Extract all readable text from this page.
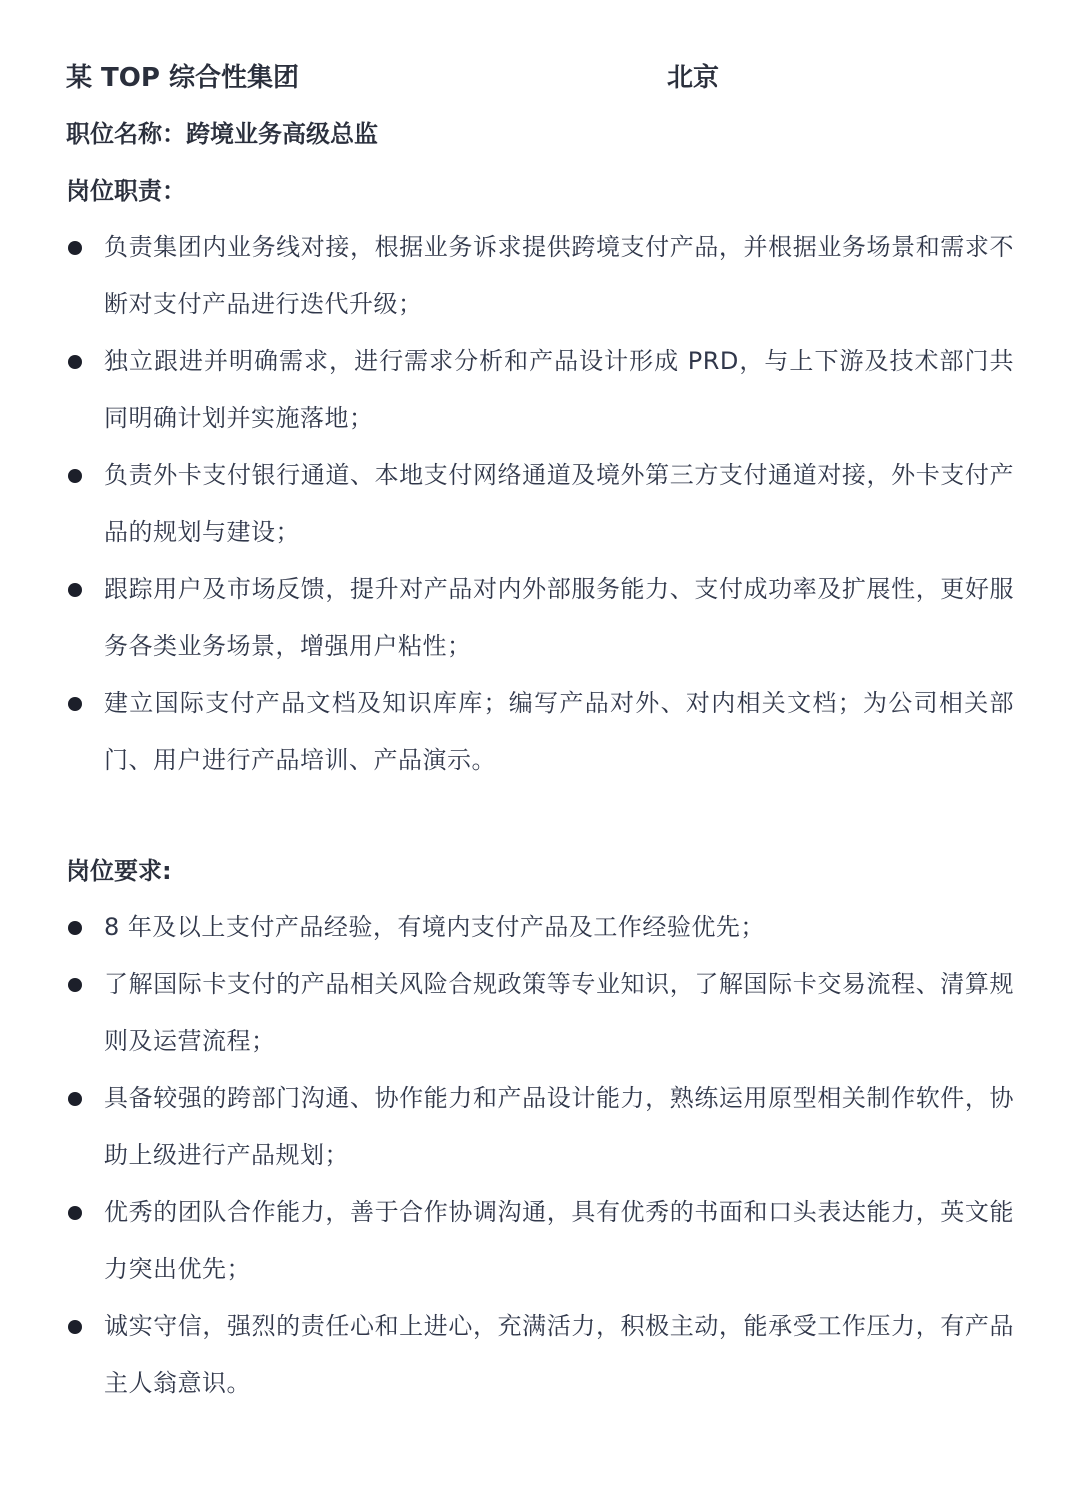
某 TOP 综合性集团	北京
职位名称：跨境业务高级总监
岗位职责：
负责集团内业务线对接，根据业务诉求提供跨境支付产品，并根据业务场景和需求不断对支付产品进行迭代升级；
独立跟进并明确需求，进行需求分析和产品设计形成 PRD，与上下游及技术部门共同明确计划并实施落地；
负责外卡支付银行通道、本地支付网络通道及境外第三方支付通道对接，外卡支付产品的规划与建设；
跟踪用户及市场反馈，提升对产品对内外部服务能力、支付成功率及扩展性，更好服务各类业务场景，增强用户粘性；
建立国际支付产品文档及知识库库；编写产品对外、对内相关文档；为公司相关部门、用户进行产品培训、产品演示。
岗位要求:
8 年及以上支付产品经验，有境内支付产品及工作经验优先；
了解国际卡支付的产品相关风险合规政策等专业知识，了解国际卡交易流程、清算规则及运营流程；
具备较强的跨部门沟通、协作能力和产品设计能力，熟练运用原型相关制作软件，协助上级进行产品规划；
优秀的团队合作能力，善于合作协调沟通，具有优秀的书面和口头表达能力，英文能力突出优先；
诚实守信，强烈的责任心和上进心，充满活力，积极主动，能承受工作压力，有产品主人翁意识。
